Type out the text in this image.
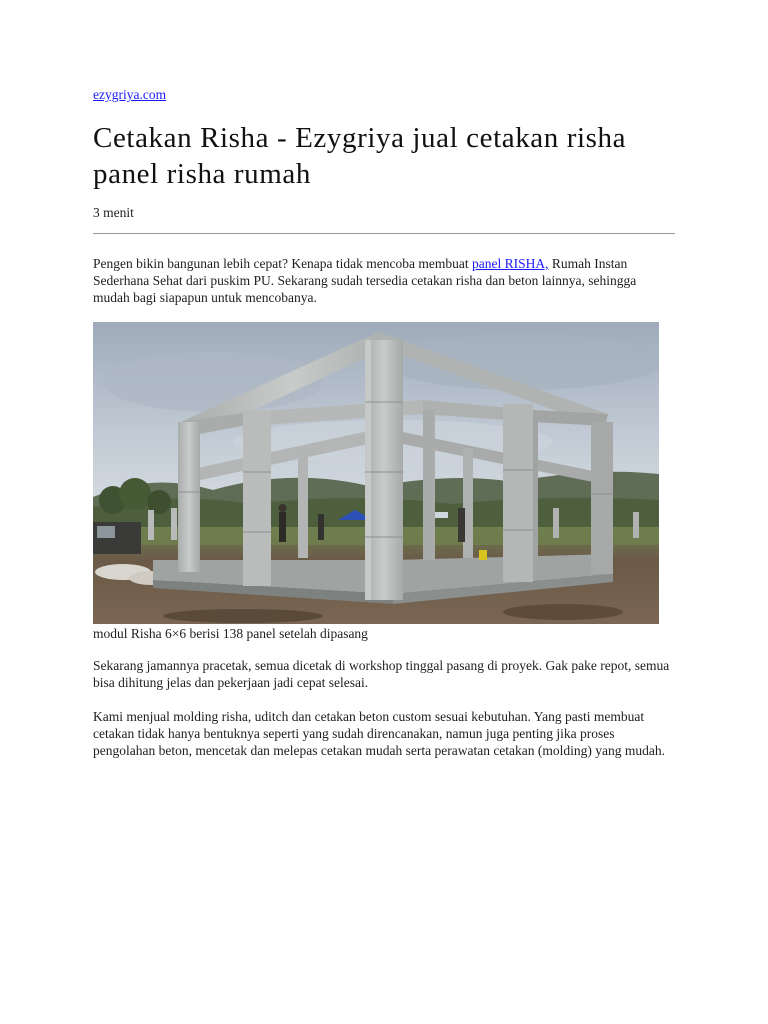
ezygriya.com
Cetakan Risha - Ezygriya jual cetakan risha panel risha rumah
3 menit

Pengen bikin bangunan lebih cepat? Kenapa tidak mencoba membuat panel RISHA, Rumah Instan Sederhana Sehat dari puskim PU. Sekarang sudah tersedia cetakan risha dan beton lainnya, sehingga mudah bagi siapapun untuk mencobanya.

modul Risha 6×6 berisi 138 panel setelah dipasang

Sekarang jamannya pracetak, semua dicetak di workshop tinggal pasang di proyek. Gak pake repot, semua bisa dihitung jelas dan pekerjaan jadi cepat selesai.

Kami menjual molding risha, uditch dan cetakan beton custom sesuai kebutuhan. Yang pasti membuat cetakan tidak hanya bentuknya seperti yang sudah direncanakan, namun juga penting jika proses pengolahan beton, mencetak dan melepas cetakan mudah serta perawatan cetakan (molding) yang mudah.
